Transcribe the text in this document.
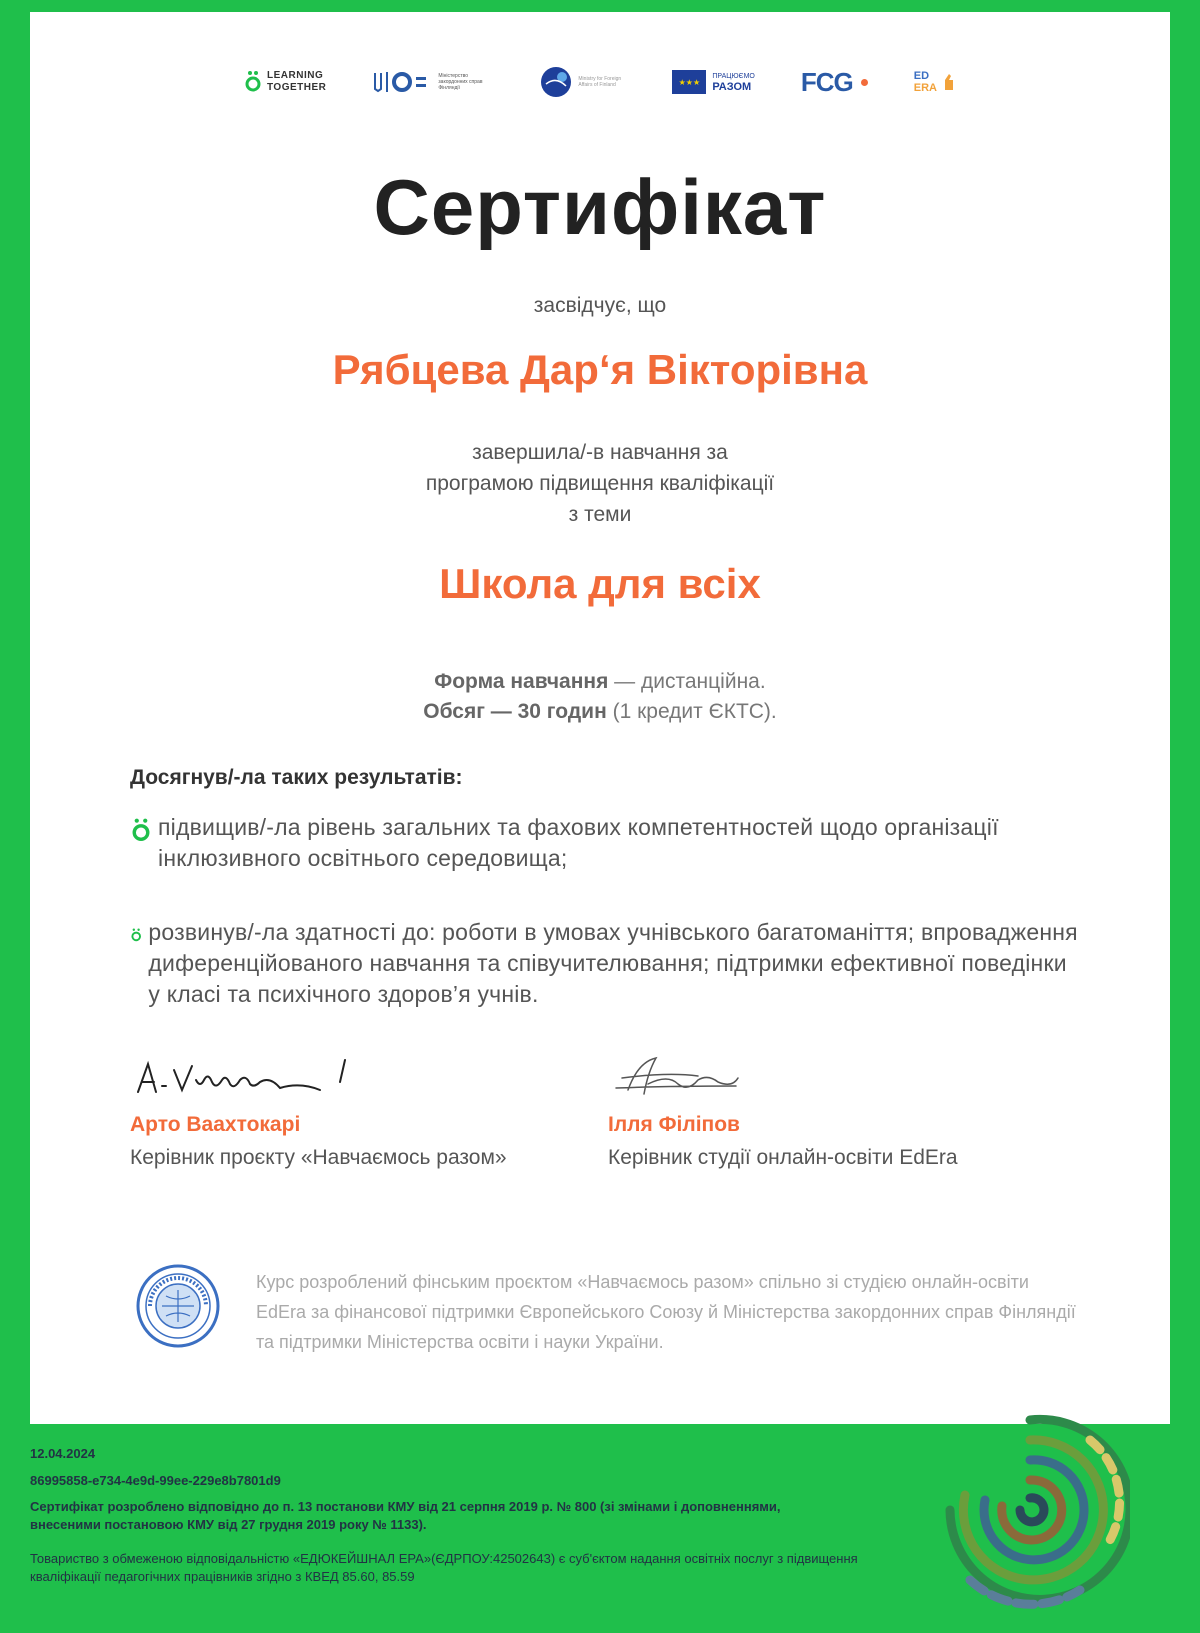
LEARNING
TOGETHER
Міністерство закордонних справ Фінляндії
Ministry for Foreign Affairs of Finland	★★★
ПРАЦЮЄМО
РАЗОМ FCG	ED
ERA
Сертифікат
засвідчує, що
Рябцева Дар‘я Вікторівна
завершила/-в навчання за
програмою підвищення кваліфікації
з теми
Школа для всіх
Форма навчання — дистанційна.
Обсяг — 30 годин (1 кредит ЄКТС).
Досягнув/-ла таких результатів:
підвищив/-ла рівень загальних та фахових компетентностей щодо організації інклюзивного освітнього середовища;
розвинув/-ла здатності до: роботи в умовах учнівського багатоманіття; впровадження диференційованого навчання та співучителювання; підтримки ефективної поведінки у класі та психічного здоров’я учнів.
Арто Ваахтокарі
Керівник проєкту «Навчаємось разом»
Ілля Філіпов
Керівник студії онлайн-освіти EdEra
Курс розроблений фінським проєктом «Навчаємось разом» спільно зі студією онлайн-освіти EdEra за фінансової підтримки Європейського Союзу й Міністерства закордонних справ Фінляндії та підтримки Міністерства освіти і науки України.
12.04.2024
86995858-e734-4e9d-99ee-229e8b7801d9
Сертифікат розроблено відповідно до п. 13 постанови КМУ від 21 серпня 2019 р. № 800 (зі змінами і доповненнями, внесеними постановою КМУ від 27 грудня 2019 року № 1133).
Товариство з обмеженою відповідальністю «ЕДЮКЕЙШНАЛ ЕРА»(ЄДРПОУ:42502643) є суб'єктом надання освітніх послуг з підвищення кваліфікації педагогічних працівників згідно з КВЕД 85.60, 85.59
